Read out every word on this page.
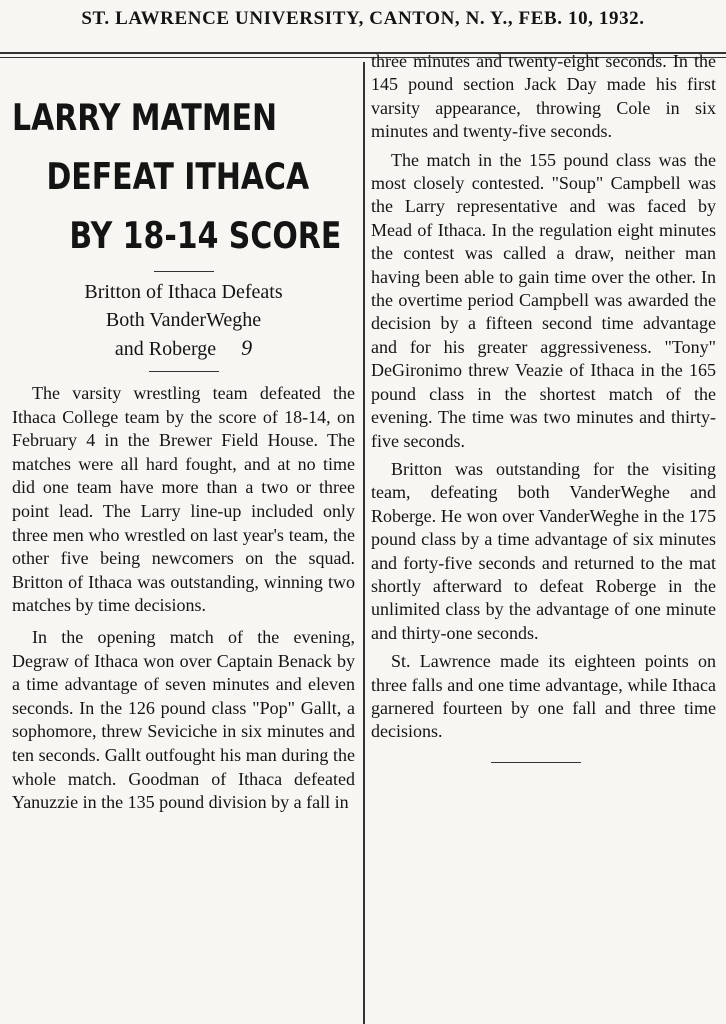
ST. LAWRENCE UNIVERSITY, CANTON, N. Y., FEB. 10, 1932.
LARRY MATMEN
DEFEAT ITHACA
BY 18-14 SCORE
Britton of Ithaca Defeats
Both VanderWeghe
and Roberge 9

The varsity wrestling team defeated the Ithaca College team by the score of 18-14, on February 4 in the Brewer Field House. The matches were all hard fought, and at no time did one team have more than a two or three point lead. The Larry line-up included only three men who wrestled on last year's team, the other five being newcomers on the squad. Britton of Ithaca was outstanding, winning two matches by time decisions.

In the opening match of the evening, Degraw of Ithaca won over Captain Benack by a time advantage of seven minutes and eleven seconds. In the 126 pound class "Pop" Gallt, a sophomore, threw Seviciche in six minutes and ten seconds. Gallt outfought his man during the whole match. Goodman of Ithaca defeated Yanuzzie in the 135 pound division by a fall in

three minutes and twenty-eight seconds. In the 145 pound section Jack Day made his first varsity appearance, throwing Cole in six minutes and twenty-five seconds.

The match in the 155 pound class was the most closely contested. "Soup" Campbell was the Larry representative and was faced by Mead of Ithaca. In the regulation eight minutes the contest was called a draw, neither man having been able to gain time over the other. In the overtime period Campbell was awarded the decision by a fifteen second time advantage and for his greater aggressiveness. "Tony" DeGironimo threw Veazie of Ithaca in the 165 pound class in the shortest match of the evening. The time was two minutes and thirty-five seconds.

Britton was outstanding for the visiting team, defeating both VanderWeghe and Roberge. He won over VanderWeghe in the 175 pound class by a time advantage of six minutes and forty-five seconds and returned to the mat shortly afterward to defeat Roberge in the unlimited class by the advantage of one minute and thirty-one seconds.

St. Lawrence made its eighteen points on three falls and one time advantage, while Ithaca garnered fourteen by one fall and three time decisions.
